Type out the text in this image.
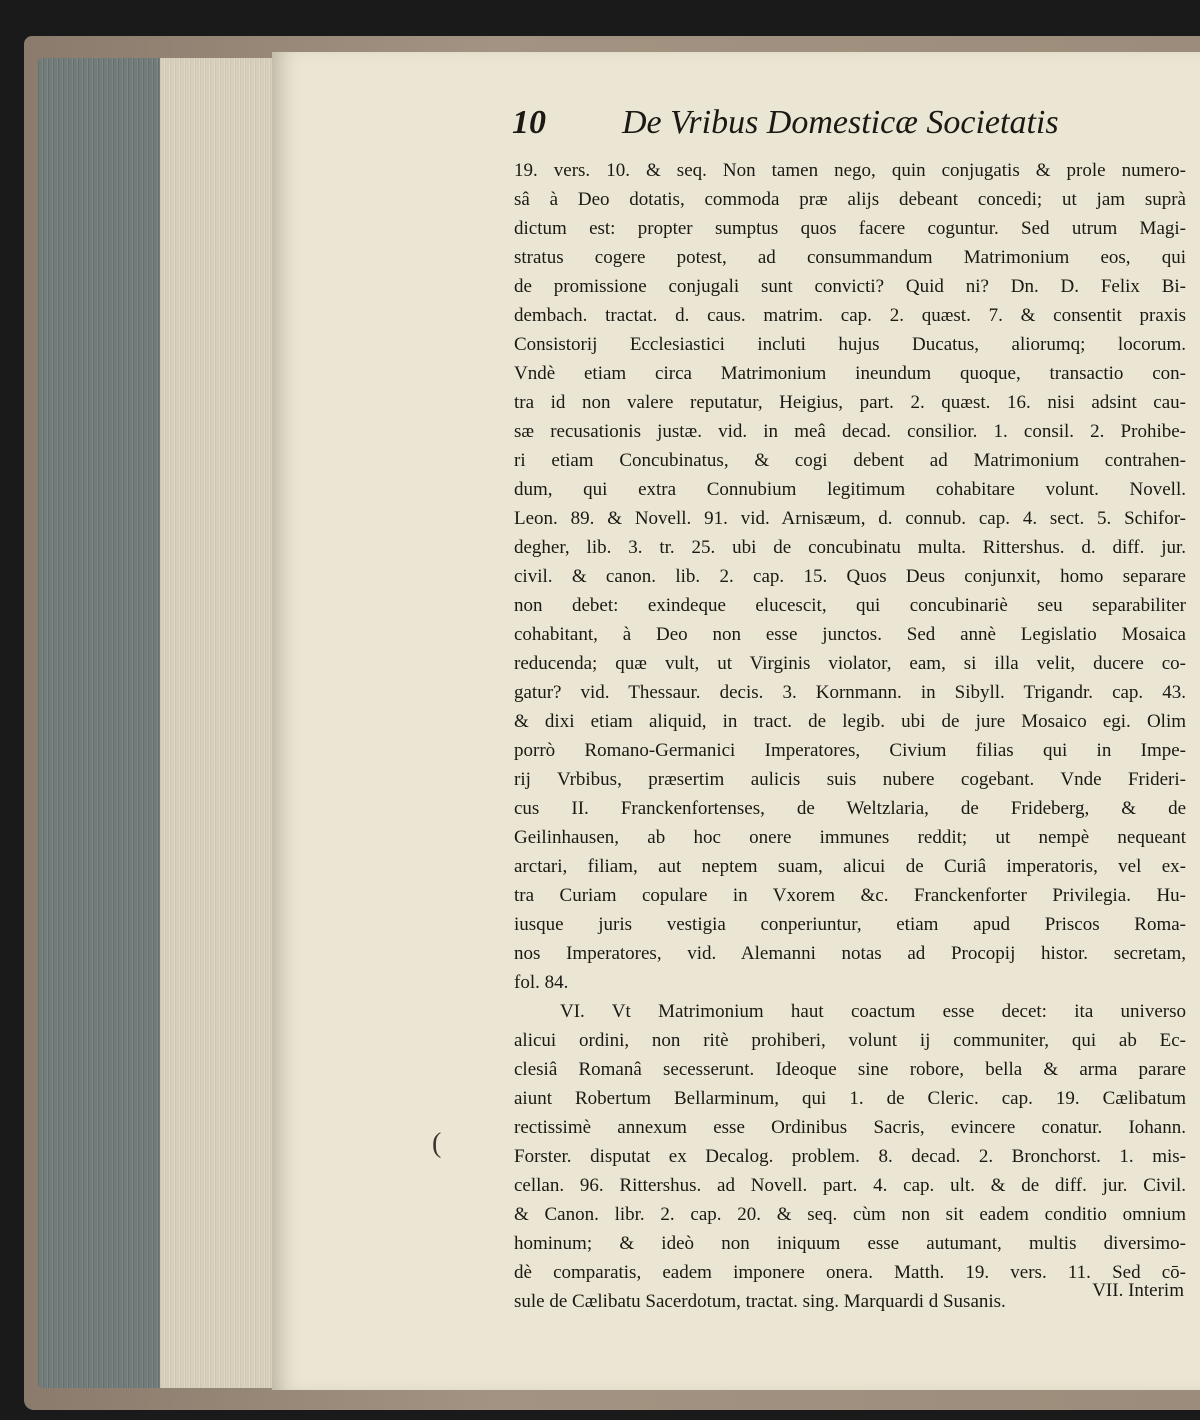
10 De Vribus Domesticæ Societatis
(
19. vers. 10. & seq. Non tamen nego, quin conjugatis & prole numero-
sâ à Deo dotatis, commoda præ alijs debeant concedi; ut jam suprà
dictum est: propter sumptus quos facere coguntur. Sed utrum Magi-
stratus cogere potest, ad consummandum Matrimonium eos, qui
de promissione conjugali sunt convicti? Quid ni? Dn. D. Felix Bi-
dembach. tractat. d. caus. matrim. cap. 2. quæst. 7. & consentit praxis
Consistorij Ecclesiastici incluti hujus Ducatus, aliorumq; locorum.
Vndè etiam circa Matrimonium ineundum quoque, transactio con-
tra id non valere reputatur, Heigius, part. 2. quæst. 16. nisi adsint cau-
sæ recusationis justæ. vid. in meâ decad. consilior. 1. consil. 2. Prohibe-
ri etiam Concubinatus, & cogi debent ad Matrimonium contrahen-
dum, qui extra Connubium legitimum cohabitare volunt. Novell.
Leon. 89. & Novell. 91. vid. Arnisæum, d. connub. cap. 4. sect. 5. Schifor-
degher, lib. 3. tr. 25. ubi de concubinatu multa. Rittershus. d. diff. jur.
civil. & canon. lib. 2. cap. 15. Quos Deus conjunxit, homo separare
non debet: exindeque elucescit, qui concubinariè seu separabiliter
cohabitant, à Deo non esse junctos. Sed annè Legislatio Mosaica
reducenda; quæ vult, ut Virginis violator, eam, si illa velit, ducere co-
gatur? vid. Thessaur. decis. 3. Kornmann. in Sibyll. Trigandr. cap. 43.
& dixi etiam aliquid, in tract. de legib. ubi de jure Mosaico egi. Olim
porrò Romano-Germanici Imperatores, Civium filias qui in Impe-
rij Vrbibus, præsertim aulicis suis nubere cogebant. Vnde Frideri-
cus II. Franckenfortenses, de Weltzlaria, de Frideberg, & de
Geilinhausen, ab hoc onere immunes reddit; ut nempè nequeant
arctari, filiam, aut neptem suam, alicui de Curiâ imperatoris, vel ex-
tra Curiam copulare in Vxorem &c. Franckenforter Privilegia. Hu-
iusque juris vestigia conperiuntur, etiam apud Priscos Roma-
nos Imperatores, vid. Alemanni notas ad Procopij histor. secretam,
fol. 84.
VI. Vt Matrimonium haut coactum esse decet: ita universo
alicui ordini, non ritè prohiberi, volunt ij communiter, qui ab Ec-
clesiâ Romanâ secesserunt. Ideoque sine robore, bella & arma parare
aiunt Robertum Bellarminum, qui 1. de Cleric. cap. 19. Cælibatum
rectissimè annexum esse Ordinibus Sacris, evincere conatur. Iohann.
Forster. disputat ex Decalog. problem. 8. decad. 2. Bronchorst. 1. mis-
cellan. 96. Rittershus. ad Novell. part. 4. cap. ult. & de diff. jur. Civil.
& Canon. libr. 2. cap. 20. & seq. cùm non sit eadem conditio omnium
hominum; & ideò non iniquum esse autumant, multis diversimo-
dè comparatis, eadem imponere onera. Matth. 19. vers. 11. Sed cō-
sule de Cælibatu Sacerdotum, tractat. sing. Marquardi d Susanis.
VII. Interim
